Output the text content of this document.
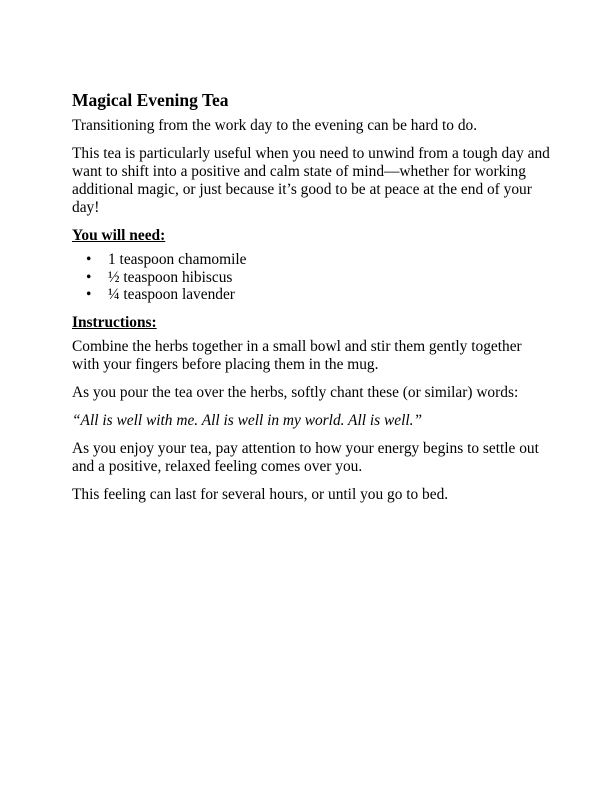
Magical Evening Tea

Transitioning from the work day to the evening can be hard to do.

This tea is particularly useful when you need to unwind from a tough day and want to shift into a positive and calm state of mind—whether for working additional magic, or just because it’s good to be at peace at the end of your day!

You will need:
• 1 teaspoon chamomile
• ½ teaspoon hibiscus
• ¼ teaspoon lavender
Instructions:

Combine the herbs together in a small bowl and stir them gently together with your fingers before placing them in the mug.

As you pour the tea over the herbs, softly chant these (or similar) words:

“All is well with me. All is well in my world. All is well.”

As you enjoy your tea, pay attention to how your energy begins to settle out and a positive, relaxed feeling comes over you.

This feeling can last for several hours, or until you go to bed.
